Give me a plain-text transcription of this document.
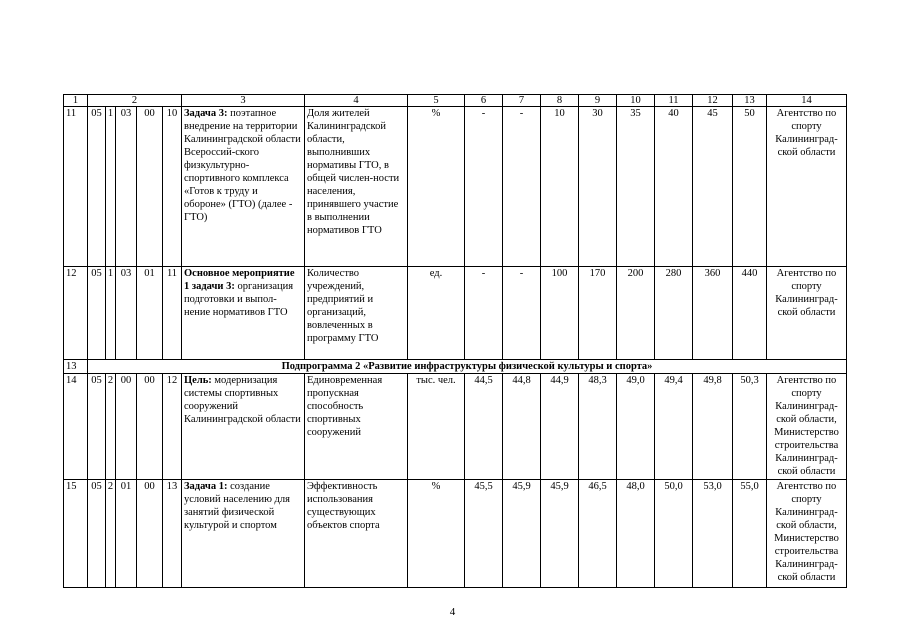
1	2					3	4	5	6	7	8	9	10	11	12	13	14
11	05	1	03	00	10	Задача 3: поэтапное внедрение на территории Калининградской области Всероссий-ского физкультурно-спортивного комплекса «Готов к труду и обороне» (ГТО) (далее - ГТО)	Доля жителей Калининградской области, выполнивших нормативы ГТО, в общей числен-ности населения, принявшего участие в выполнении нормативов ГТО	%	-	-	10	30	35	40	45	50	Агентство по спорту Калининград-ской области
12	05	1	03	01	11	Основное мероприятие 1 задачи 3: организация подготовки и выпол-нение нормативов ГТО	Количество учреждений, предприятий и организаций, вовлеченных в программу ГТО	ед.	-	-	100	170	200	280	360	440	Агентство по спорту Калининград-ской области
13	Подпрограмма 2 «Развитие инфраструктуры физической культуры и спорта»																
14	05	2	00	00	12	Цель: модернизация системы спортивных сооружений Калининградской области	Единовременная пропускная способность спортивных сооружений	тыс. чел.	44,5	44,8	44,9	48,3	49,0	49,4	49,8	50,3	Агентство по спорту Калининград-ской области, Министерство строительства Калининград-ской области
15	05	2	01	00	13	Задача 1: создание условий населению для занятий физической культурой и спортом	Эффективность использования существующих объектов спорта	%	45,5	45,9	45,9	46,5	48,0	50,0	53,0	55,0	Агентство по спорту Калининград-ской области, Министерство строительства Калининград-ской области
4
